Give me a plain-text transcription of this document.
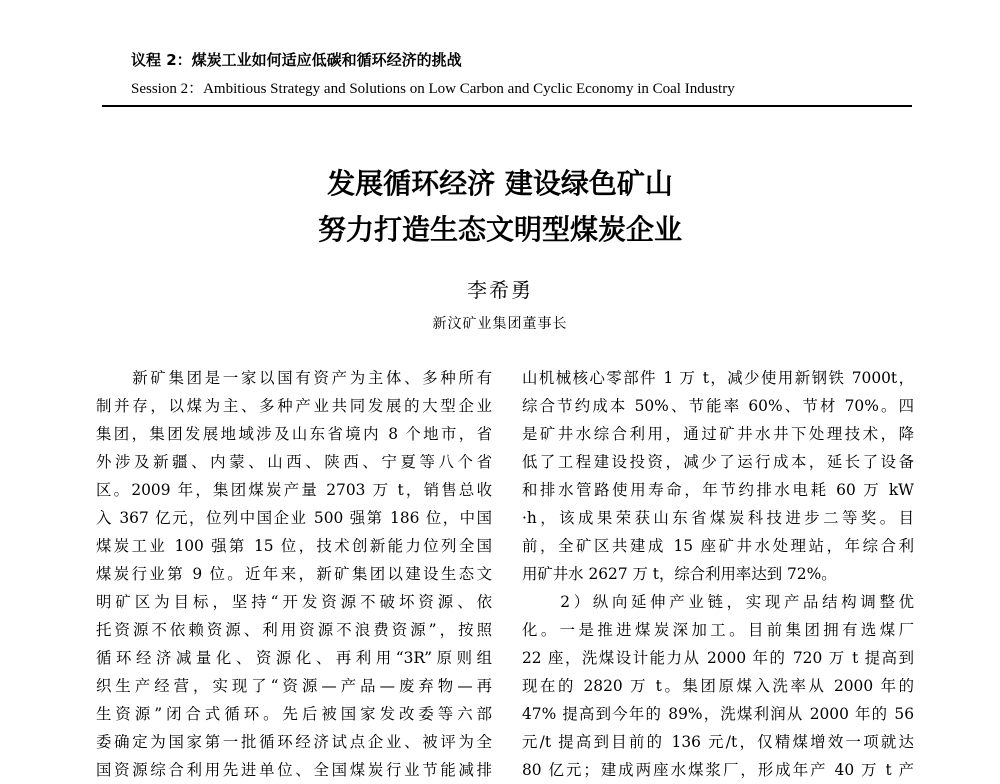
议程 2：煤炭工业如何适应低碳和循环经济的挑战
Session 2：Ambitious Strategy and Solutions on Low Carbon and Cyclic Economy in Coal Industry
发展循环经济 建设绿色矿山
努力打造生态文明型煤炭企业
李希勇
新汶矿业集团董事长
　　新矿集团是一家以国有资产为主体、多种所有
制并存，以煤为主、多种产业共同发展的大型企业
集团，集团发展地域涉及山东省境内 8 个地市，省
外涉及新疆、内蒙、山西、陕西、宁夏等八个省
区。2009 年，集团煤炭产量 2703 万 t，销售总收
入 367 亿元，位列中国企业 500 强第 186 位，中国
煤炭工业 100 强第 15 位，技术创新能力位列全国
煤炭行业第 9 位。近年来，新矿集团以建设生态文
明矿区为目标，坚持“开发资源不破坏资源、依
托资源不依赖资源、利用资源不浪费资源”，按照
循环经济减量化、资源化、再利用“3R”原则组
织生产经营，实现了“资源—产品—废弃物—再
生资源”闭合式循环。先后被国家发改委等六部
委确定为国家第一批循环经济试点企业、被评为全
国资源综合利用先进单位、全国煤炭行业节能减排
山机械核心零部件 1 万 t，减少使用新钢铁 7000t，
综合节约成本 50%、节能率 60%、节材 70%。四
是矿井水综合利用，通过矿井水井下处理技术，降
低了工程建设投资，减少了运行成本，延长了设备
和排水管路使用寿命，年节约排水电耗 60 万 kW
·h，该成果荣获山东省煤炭科技进步二等奖。目
前，全矿区共建成 15 座矿井水处理站，年综合利
用矿井水 2627 万 t，综合利用率达到 72%。
　　2）纵向延伸产业链，实现产品结构调整优
化。一是推进煤炭深加工。目前集团拥有选煤厂
22 座，洗煤设计能力从 2000 年的 720 万 t 提高到
现在的 2820 万 t。集团原煤入洗率从 2000 年的
47% 提高到今年的 89%，洗煤利润从 2000 年的 56
元/t 提高到目前的 136 元/t，仅精煤增效一项就达
80 亿元；建成两座水煤浆厂，形成年产 40 万 t 产
